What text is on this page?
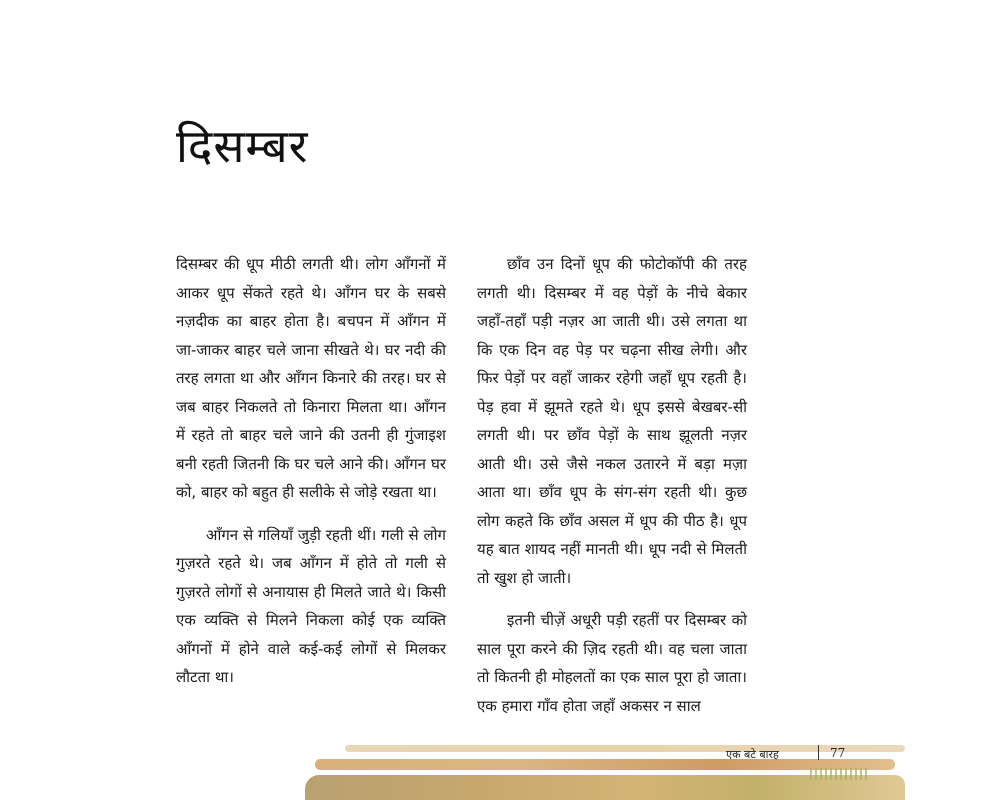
दिसम्बर

दिसम्बर की धूप मीठी लगती थी। लोग आँगनों में आकर धूप सेंकते रहते थे। आँगन घर के सबसे नज़दीक का बाहर होता है। बचपन में आँगन में जा-जाकर बाहर चले जाना सीखते थे। घर नदी की तरह लगता था और आँगन किनारे की तरह। घर से जब बाहर निकलते तो किनारा मिलता था। आँगन में रहते तो बाहर चले जाने की उतनी ही गुंजाइश बनी रहती जितनी कि घर चले आने की। आँगन घर को, बाहर को बहुत ही सलीके से जोड़े रखता था।

आँगन से गलियाँ जुड़ी रहती थीं। गली से लोग गुज़रते रहते थे। जब आँगन में होते तो गली से गुज़रते लोगों से अनायास ही मिलते जाते थे। किसी एक व्यक्ति से मिलने निकला कोई एक व्यक्ति आँगनों में होने वाले कई-कई लोगों से मिलकर लौटता था।

छाँव उन दिनों धूप की फोटोकॉपी की तरह लगती थी। दिसम्बर में वह पेड़ों के नीचे बेकार जहाँ-तहाँ पड़ी नज़र आ जाती थी। उसे लगता था कि एक दिन वह पेड़ पर चढ़ना सीख लेगी। और फिर पेड़ों पर वहाँ जाकर रहेगी जहाँ धूप रहती है। पेड़ हवा में झूमते रहते थे। धूप इससे बेखबर-सी लगती थी। पर छाँव पेड़ों के साथ झूलती नज़र आती थी। उसे जैसे नकल उतारने में बड़ा मज़ा आता था। छाँव धूप के संग-संग रहती थी। कुछ लोग कहते कि छाँव असल में धूप की पीठ है। धूप यह बात शायद नहीं मानती थी। धूप नदी से मिलती तो खुश हो जाती।

इतनी चीज़ें अधूरी पड़ी रहतीं पर दिसम्बर को साल पूरा करने की ज़िद रहती थी। वह चला जाता तो कितनी ही मोहलतों का एक साल पूरा हो जाता। एक हमारा गाँव होता जहाँ अकसर न साल

एक बटे बारह	77
